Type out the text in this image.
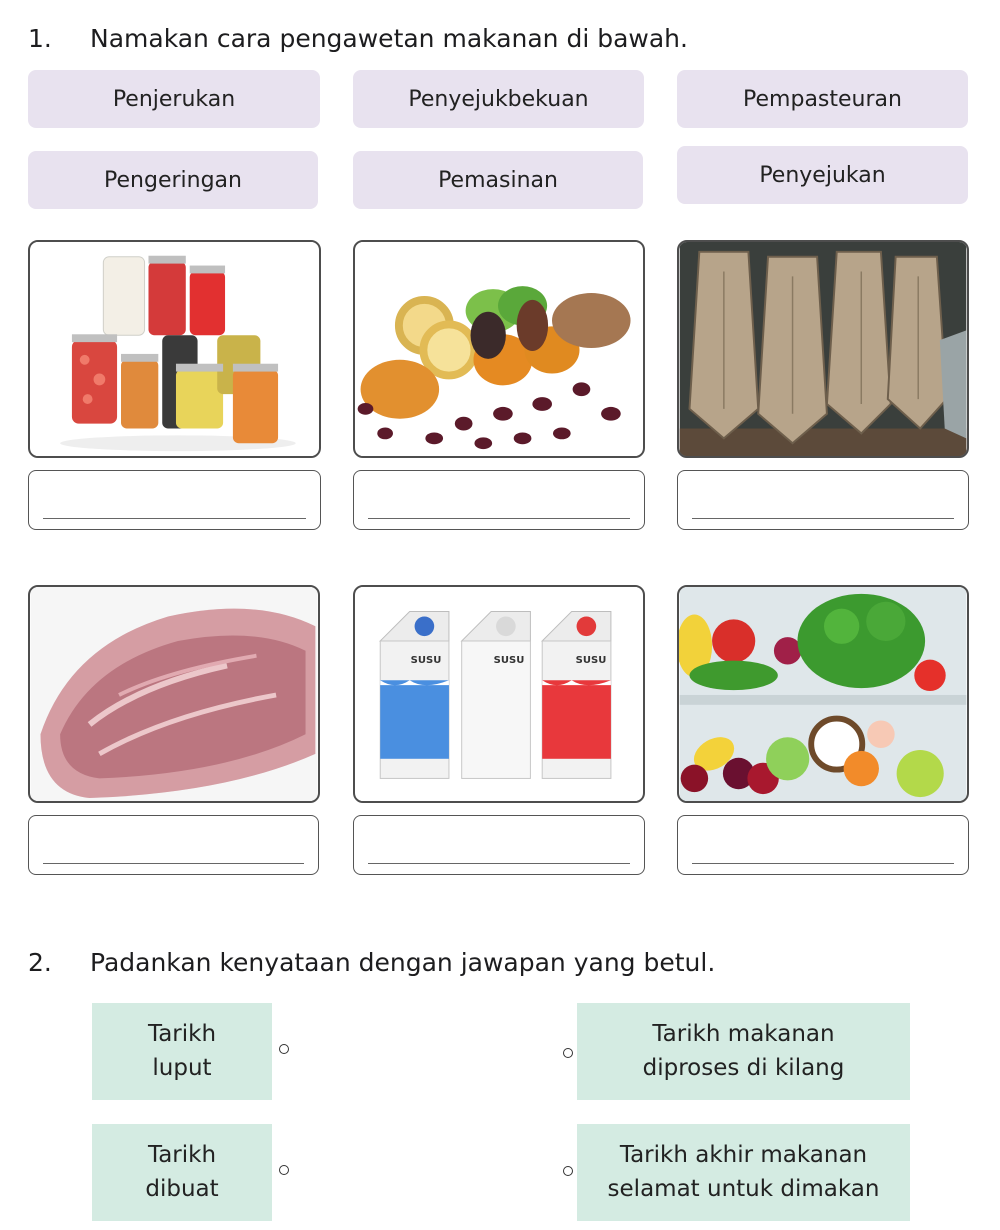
1. Namakan cara pengawetan makanan di bawah.
Penjerukan	Penyejukbekuan	Pempasteuran
Pengeringan	Pemasinan	Penyejukan
SUSU	SUSU	SUSU
2. Padankan kenyataan dengan jawapan yang betul.
Tarikh
luput
Tarikh
dibuat
Tarikh makanan
diproses di kilang
Tarikh akhir makanan
selamat untuk dimakan
